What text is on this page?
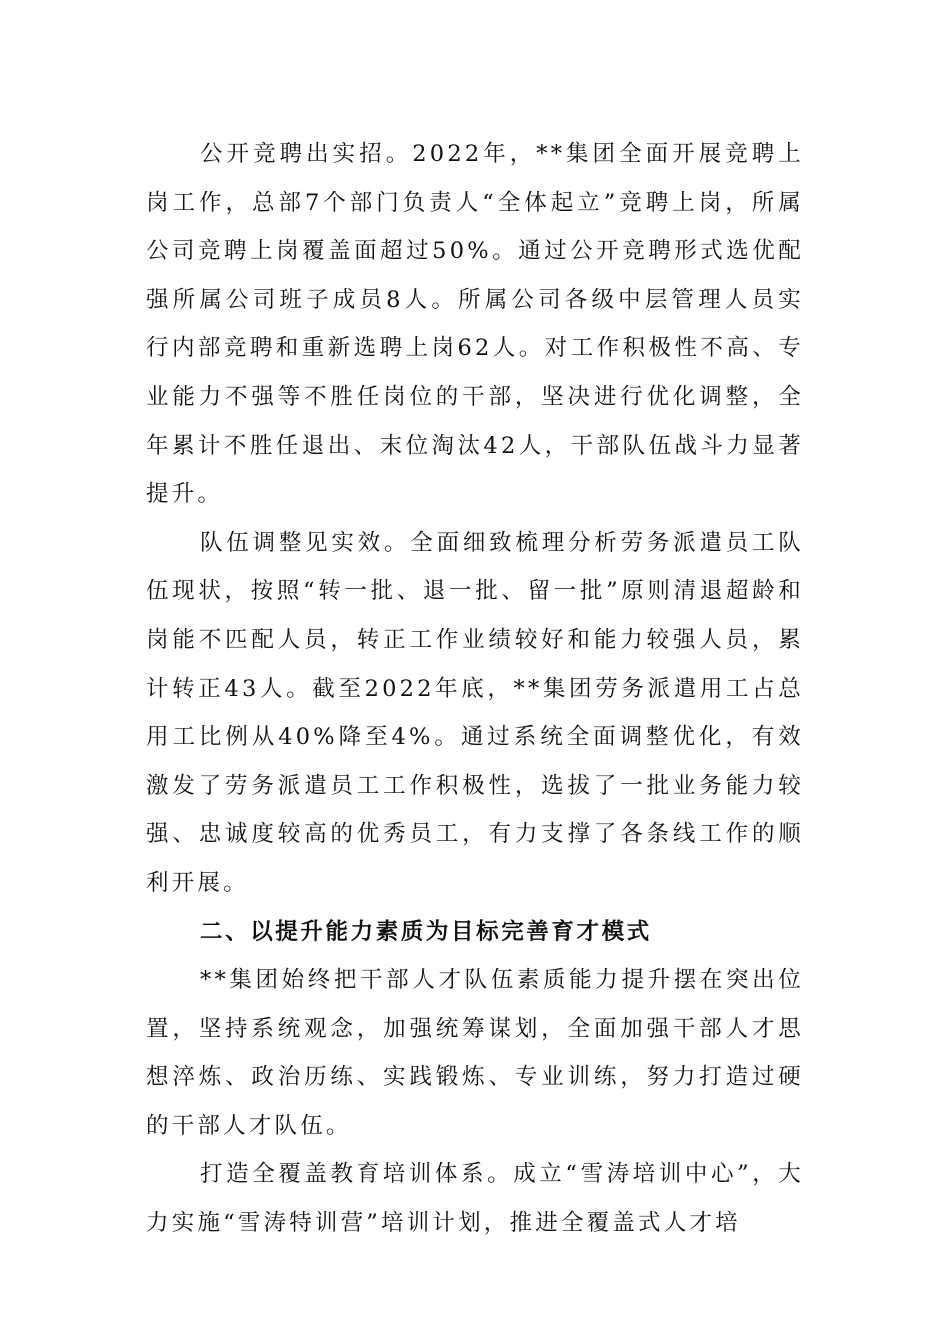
公开竞聘出实招。2022年，**集团全面开展竞聘上岗工作，总部7个部门负责人“全体起立”竞聘上岗，所属公司竞聘上岗覆盖面超过50%。通过公开竞聘形式选优配强所属公司班子成员8人。所属公司各级中层管理人员实行内部竞聘和重新选聘上岗62人。对工作积极性不高、专业能力不强等不胜任岗位的干部，坚决进行优化调整，全年累计不胜任退出、末位淘汰42人，干部队伍战斗力显著提升。

队伍调整见实效。全面细致梳理分析劳务派遣员工队伍现状，按照“转一批、退一批、留一批”原则清退超龄和岗能不匹配人员，转正工作业绩较好和能力较强人员，累计转正43人。截至2022年底，**集团劳务派遣用工占总用工比例从40%降至4%。通过系统全面调整优化，有效激发了劳务派遣员工工作积极性，选拔了一批业务能力较强、忠诚度较高的优秀员工，有力支撑了各条线工作的顺利开展。

二、以提升能力素质为目标完善育才模式

**集团始终把干部人才队伍素质能力提升摆在突出位置，坚持系统观念，加强统筹谋划，全面加强干部人才思想淬炼、政治历练、实践锻炼、专业训练，努力打造过硬的干部人才队伍。

打造全覆盖教育培训体系。成立“雪涛培训中心”，大力实施“雪涛特训营”培训计划，推进全覆盖式人才培
